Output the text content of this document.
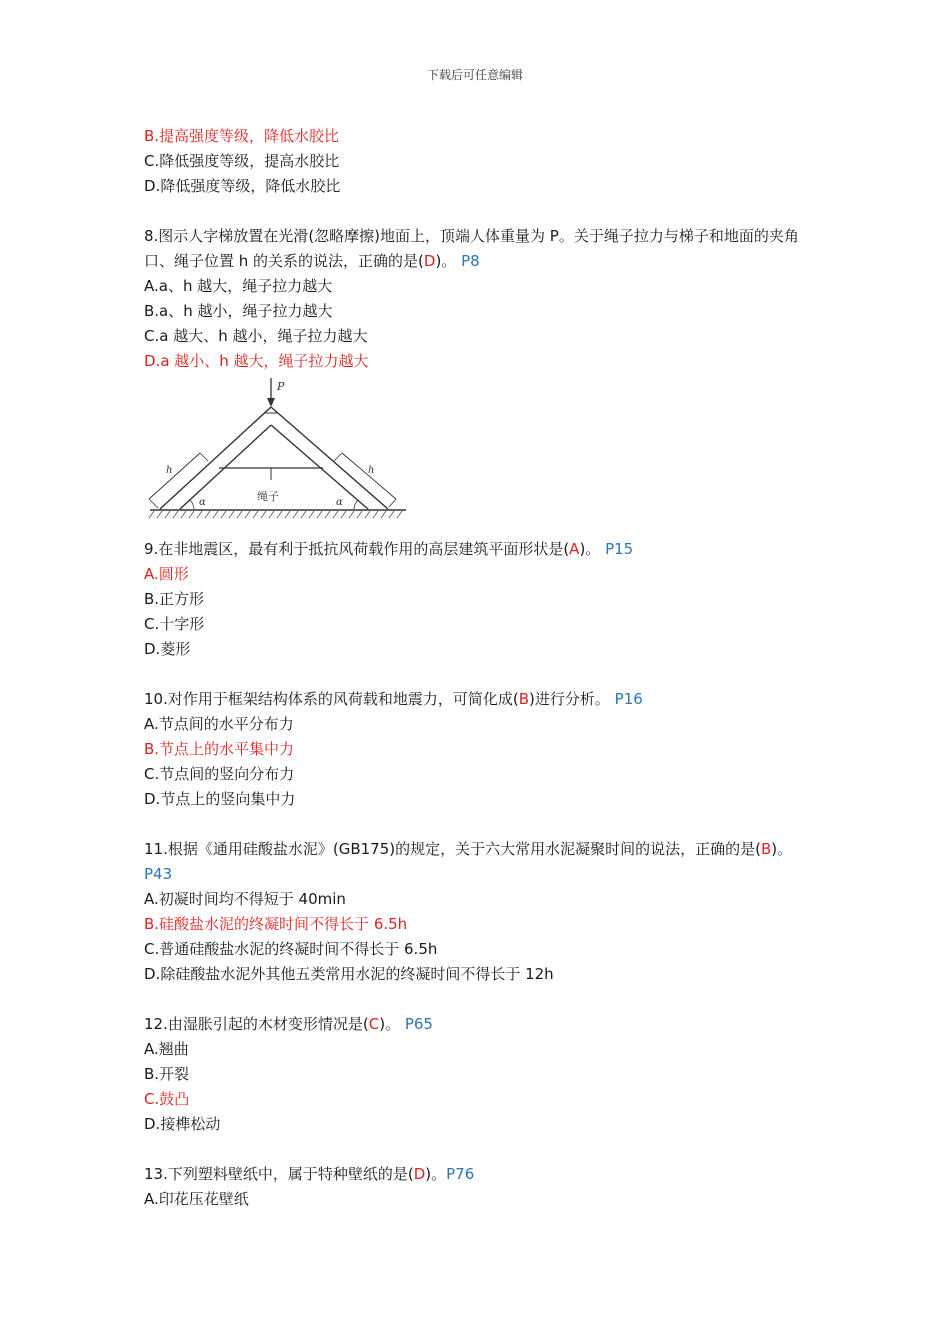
下载后可任意编辑
B.提高强度等级，降低水胶比
C.降低强度等级，提高水胶比
D.降低强度等级，降低水胶比
8.图示人字梯放置在光滑(忽略摩擦)地面上，顶端人体重量为 P。关于绳子拉力与梯子和地面的夹角口、绳子位置 h 的关系的说法，正确的是(D)。 P8
A.a、h 越大，绳子拉力越大
B.a、h 越小，绳子拉力越大
C.a 越大、h 越小，绳子拉力越大
D.a 越小、h 越大，绳子拉力越大
P
绳子
h	h
α	α
9.在非地震区，最有利于抵抗风荷载作用的高层建筑平面形状是(A)。 P15
A.圆形
B.正方形
C.十字形
D.菱形
10.对作用于框架结构体系的风荷载和地震力，可简化成(B)进行分析。 P16
A.节点间的水平分布力
B.节点上的水平集中力
C.节点间的竖向分布力
D.节点上的竖向集中力
11.根据《通用硅酸盐水泥》(GB175)的规定，关于六大常用水泥凝聚时间的说法，正确的是(B)。 P43
A.初凝时间均不得短于 40min
B.硅酸盐水泥的终凝时间不得长于 6.5h
C.普通硅酸盐水泥的终凝时间不得长于 6.5h
D.除硅酸盐水泥外其他五类常用水泥的终凝时间不得长于 12h
12.由湿胀引起的木材变形情况是(C)。 P65
A.翘曲
B.开裂
C.鼓凸
D.接榫松动
13.下列塑料壁纸中，属于特种壁纸的是(D)。P76
A.印花压花壁纸
